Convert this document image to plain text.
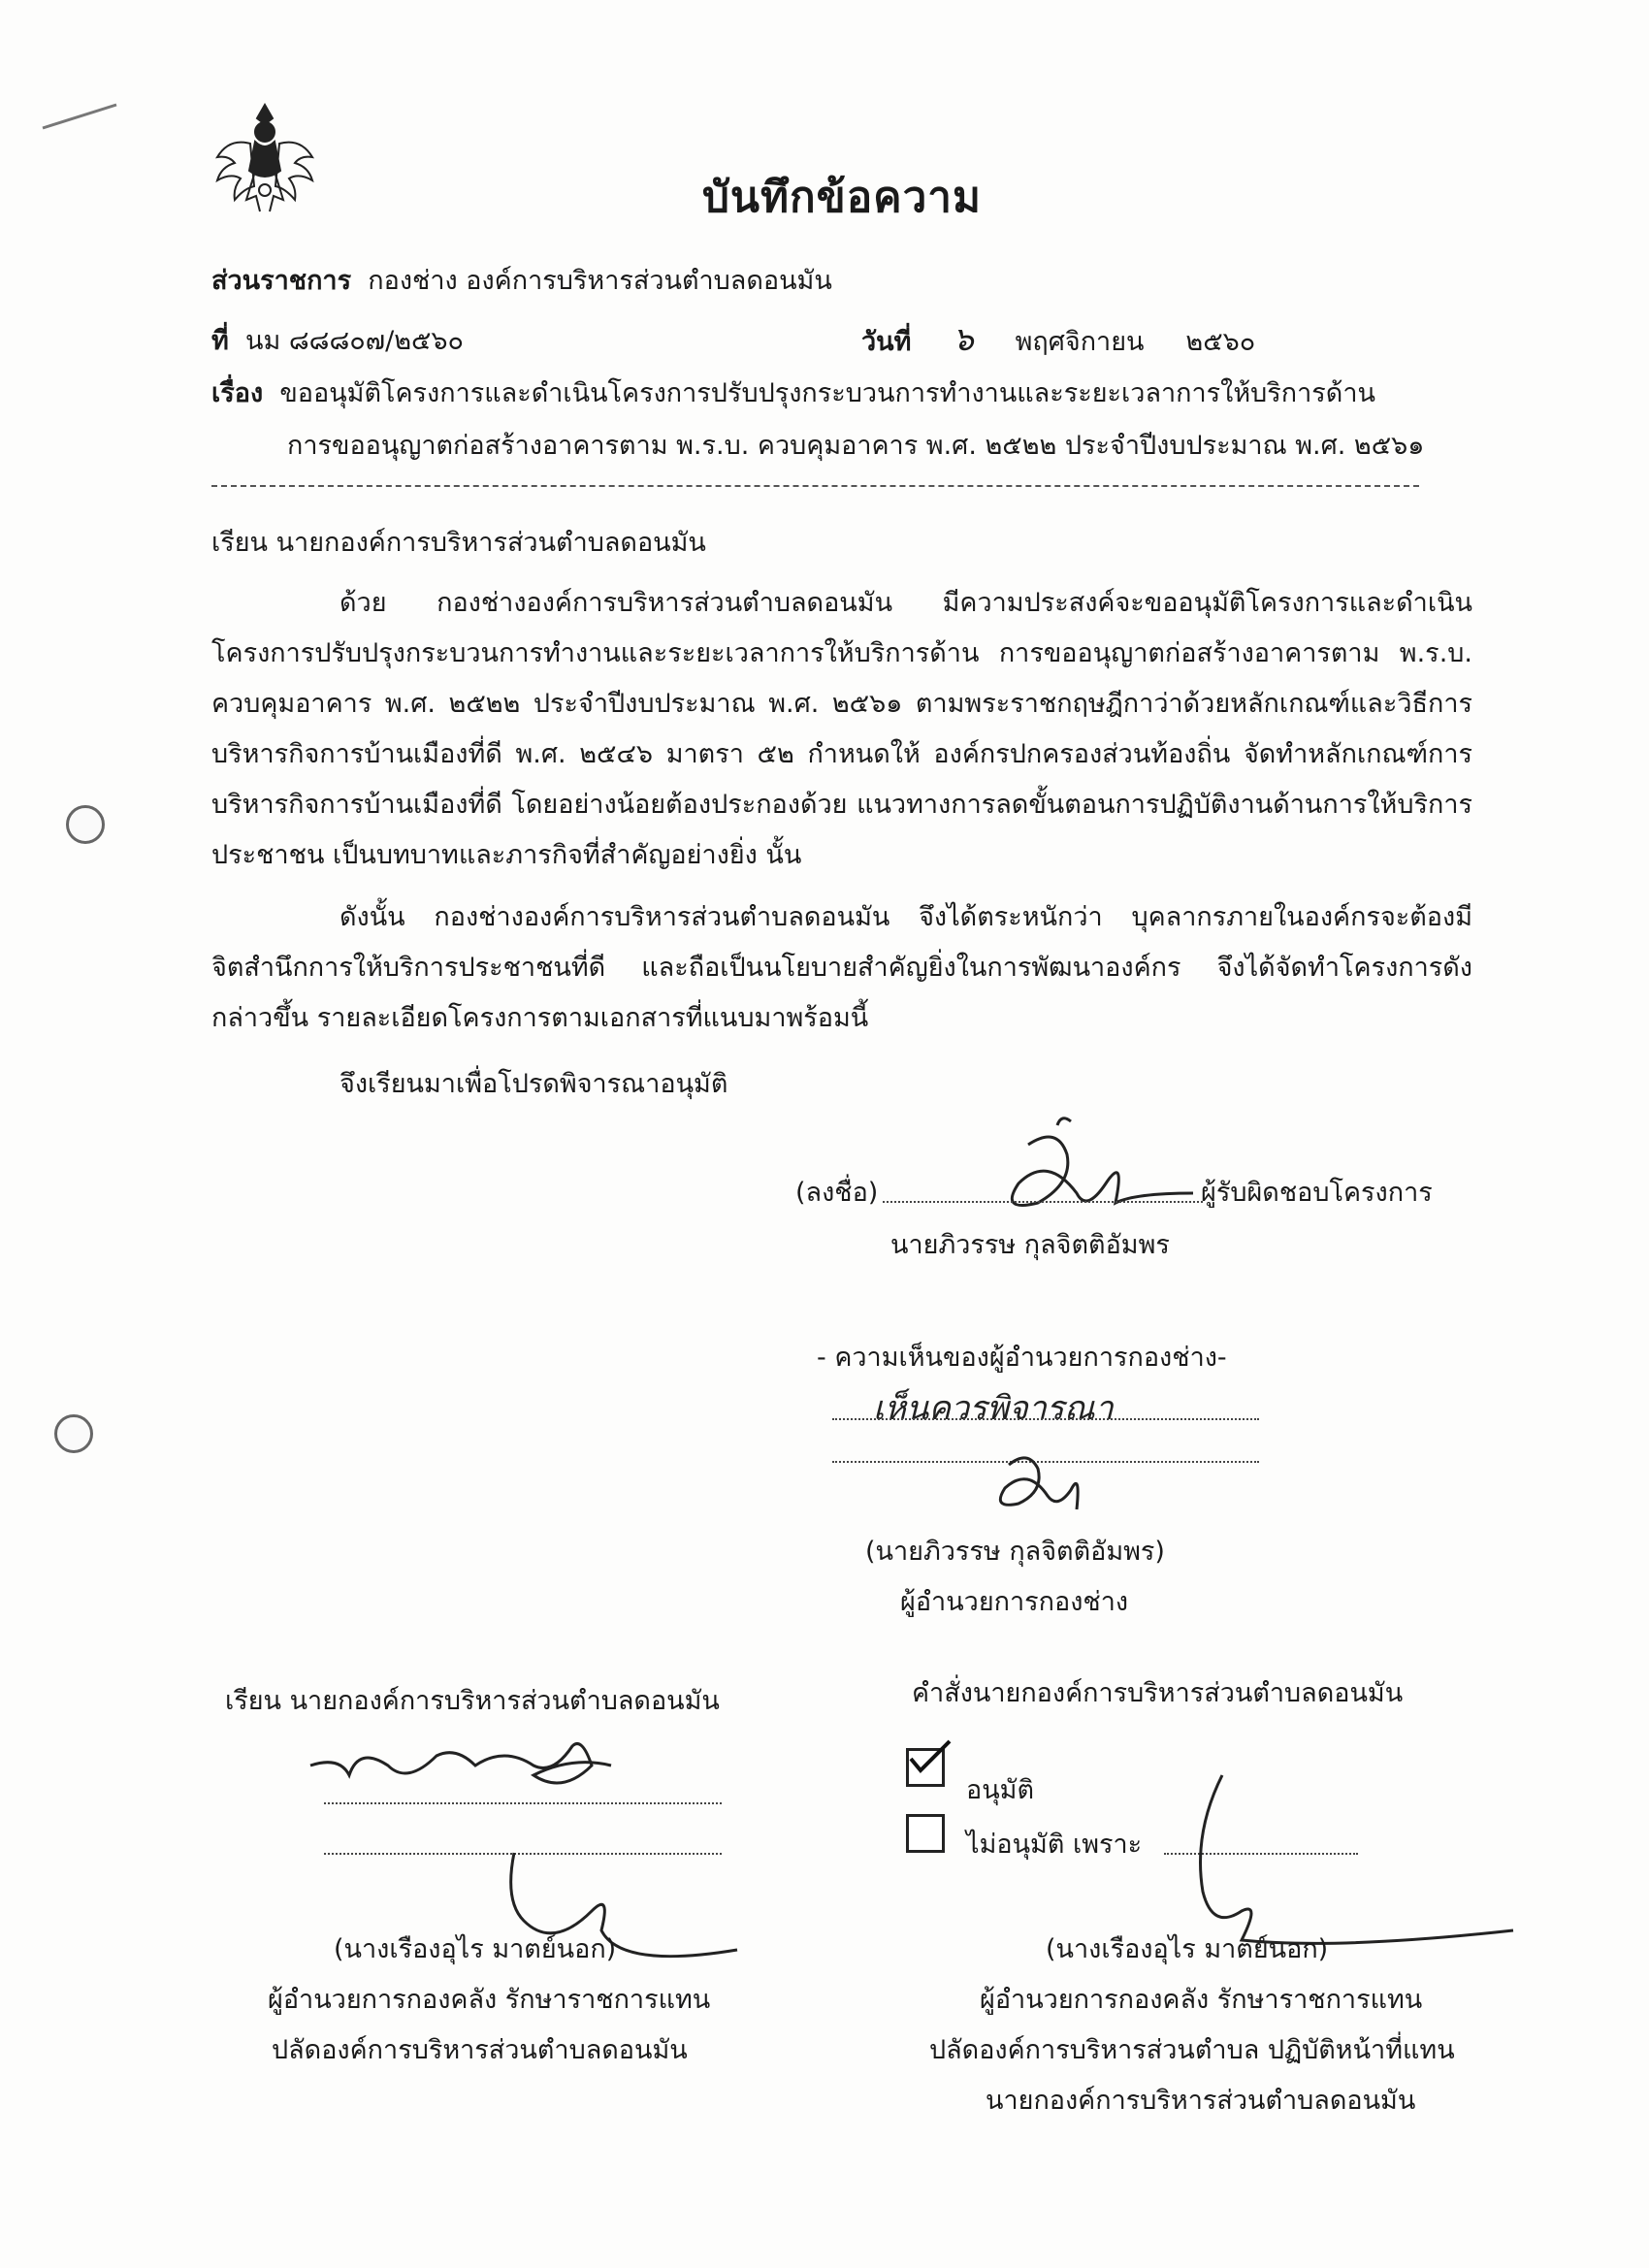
บันทึกข้อความ
ส่วนราชการ กองช่าง องค์การบริหารส่วนตำบลดอนมัน
ที่ นม ๘๘๘๐๗/๒๕๖๐	วันที่ ๖ พฤศจิกายน ๒๕๖๐
เรื่อง ขออนุมัติโครงการและดำเนินโครงการปรับปรุงกระบวนการทำงานและระยะเวลาการให้บริการด้าน
การขออนุญาตก่อสร้างอาคารตาม พ.ร.บ. ควบคุมอาคาร พ.ศ. ๒๕๒๒ ประจำปีงบประมาณ พ.ศ. ๒๕๖๑
เรียน นายกองค์การบริหารส่วนตำบลดอนมัน
ด้วย กองช่างองค์การบริหารส่วนตำบลดอนมัน มีความประสงค์จะขออนุมัติโครงการและดำเนินโครงการปรับปรุงกระบวนการทำงานและระยะเวลาการให้บริการด้าน การขออนุญาตก่อสร้างอาคารตาม พ.ร.บ. ควบคุมอาคาร พ.ศ. ๒๕๒๒ ประจำปีงบประมาณ พ.ศ. ๒๕๖๑ ตามพระราชกฤษฎีกาว่าด้วยหลักเกณฑ์และวิธีการบริหารกิจการบ้านเมืองที่ดี พ.ศ. ๒๕๔๖ มาตรา ๕๒ กำหนดให้ องค์กรปกครองส่วนท้องถิ่น จัดทำหลักเกณฑ์การบริหารกิจการบ้านเมืองที่ดี โดยอย่างน้อยต้องประกองด้วย แนวทางการลดขั้นตอนการปฏิบัติงานด้านการให้บริการประชาชน เป็นบทบาทและภารกิจที่สำคัญอย่างยิ่ง นั้น
ดังนั้น กองช่างองค์การบริหารส่วนตำบลดอนมัน จึงได้ตระหนักว่า บุคลากรภายในองค์กรจะต้องมีจิตสำนึกการให้บริการประชาชนที่ดี และถือเป็นนโยบายสำคัญยิ่งในการพัฒนาองค์กร จึงได้จัดทำโครงการดังกล่าวขึ้น รายละเอียดโครงการตามเอกสารที่แนบมาพร้อมนี้
จึงเรียนมาเพื่อโปรดพิจารณาอนุมัติ
(ลงชื่อ)	ผู้รับผิดชอบโครงการ
นายภิวรรษ กุลจิตติอัมพร
- ความเห็นของผู้อำนวยการกองช่าง-
เห็นควรพิจารณา
(นายภิวรรษ กุลจิตติอัมพร)
ผู้อำนวยการกองช่าง
เรียน นายกองค์การบริหารส่วนตำบลดอนมัน
(นางเรืองอุไร มาตย์นอก)
ผู้อำนวยการกองคลัง รักษาราชการแทน
ปลัดองค์การบริหารส่วนตำบลดอนมัน
คำสั่งนายกองค์การบริหารส่วนตำบลดอนมัน
อนุมัติ
ไม่อนุมัติ เพราะ
(นางเรืองอุไร มาตย์นอก)
ผู้อำนวยการกองคลัง รักษาราชการแทน
ปลัดองค์การบริหารส่วนตำบล ปฏิบัติหน้าที่แทน
นายกองค์การบริหารส่วนตำบลดอนมัน
